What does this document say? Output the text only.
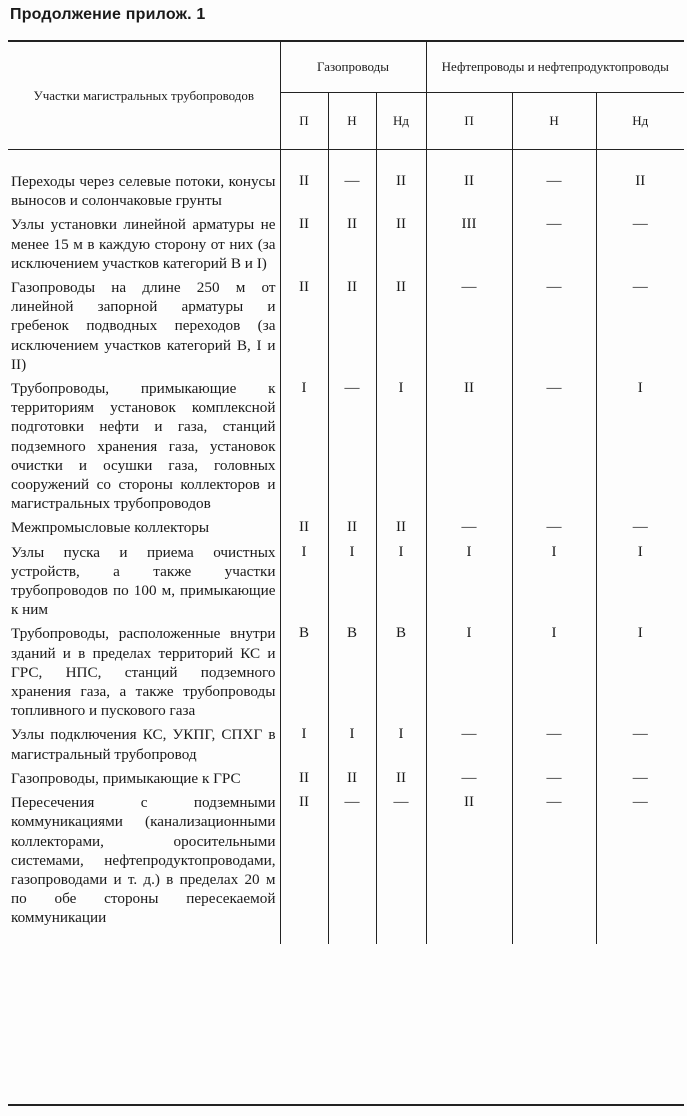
Продолжение прилож. 1
Участки магистральных трубопроводов	Газопроводы			Нефтепроводы и нефтепродуктопроводы		
	П	Н	Нд	П	Н	Нд

Переходы через селевые потоки, конусы выносов и солончаковые грунты	II	—	II	II	—	II
Узлы установки линейной арматуры не менее 15 м в каждую сторону от них (за исключением участков категорий В и I)	II	II	II	III	—	—
Газопроводы на длине 250 м от линейной запорной арматуры и гребенок подводных переходов (за исключением участков категорий В, I и II)	II	II	II	—	—	—
Трубопроводы, примыкающие к территориям установок комплексной подготовки нефти и газа, станций подземного хранения газа, установок очистки и осушки газа, головных сооружений со стороны коллекторов и магистральных трубопроводов	I	—	I	II	—	I
Межпромысловые коллекторы	II	II	II	—	—	—
Узлы пуска и приема очистных устройств, а также участки трубопроводов по 100 м, примыкающие к ним	I	I	I	I	I	I
Трубопроводы, расположенные внутри зданий и в пределах территорий КС и ГРС, НПС, станций подземного хранения газа, а также трубопроводы топливного и пускового газа	В	В	В	I	I	I
Узлы подключения КС, УКПГ, СПХГ в магистральный трубопровод	I	I	I	—	—	—
Газопроводы, примыкающие к ГРС	II	II	II	—	—	—
Пересечения с подземными коммуникациями (канализационными коллекторами, оросительными системами, нефтепродуктопроводами, газопроводами и т. д.) в пределах 20 м по обе стороны пересекаемой коммуникации	II	—	—	II	—	—
